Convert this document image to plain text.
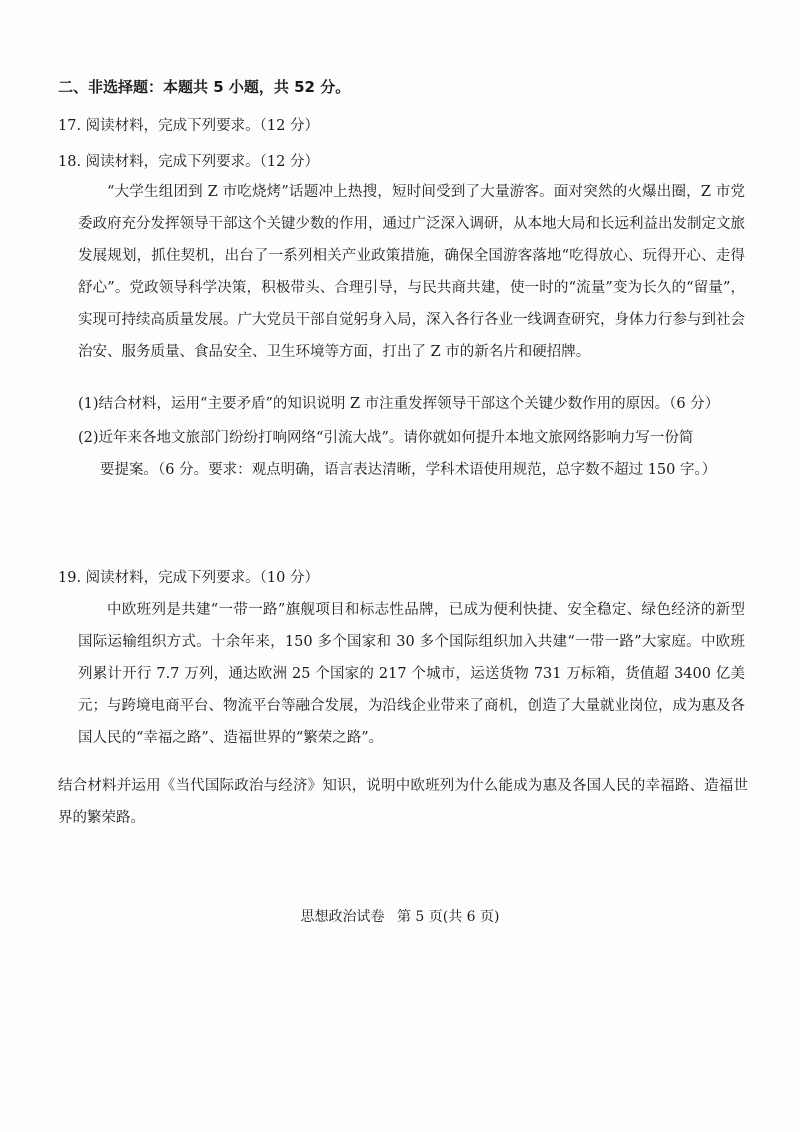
二、非选择题：本题共 5 小题，共 52 分。
17. 阅读材料，完成下列要求。（12 分）
18. 阅读材料，完成下列要求。（12 分）

“大学生组团到 Z 市吃烧烤”话题冲上热搜，短时间受到了大量游客。面对突然的火爆出圈，Z 市党委政府充分发挥领导干部这个关键少数的作用，通过广泛深入调研，从本地大局和长远利益出发制定文旅发展规划，抓住契机，出台了一系列相关产业政策措施，确保全国游客落地“吃得放心、玩得开心、走得舒心”。党政领导科学决策，积极带头、合理引导，与民共商共建，使一时的“流量”变为长久的“留量”，实现可持续高质量发展。广大党员干部自觉躬身入局，深入各行各业一线调查研究，身体力行参与到社会治安、服务质量、食品安全、卫生环境等方面，打出了 Z 市的新名片和硬招牌。

(1)结合材料，运用“主要矛盾”的知识说明 Z 市注重发挥领导干部这个关键少数作用的原因。（6 分）
(2)近年来各地文旅部门纷纷打响网络“引流大战”。请你就如何提升本地文旅网络影响力写一份简
要提案。（6 分。要求：观点明确，语言表达清晰，学科术语使用规范，总字数不超过 150 字。）
19. 阅读材料，完成下列要求。（10 分）

中欧班列是共建“一带一路”旗舰项目和标志性品牌，已成为便利快捷、安全稳定、绿色经济的新型国际运输组织方式。十余年来，150 多个国家和 30 多个国际组织加入共建“一带一路”大家庭。中欧班列累计开行 7.7 万列，通达欧洲 25 个国家的 217 个城市，运送货物 731 万标箱，货值超 3400 亿美元；与跨境电商平台、物流平台等融合发展，为沿线企业带来了商机，创造了大量就业岗位，成为惠及各国人民的“幸福之路”、造福世界的“繁荣之路”。

结合材料并运用《当代国际政治与经济》知识，说明中欧班列为什么能成为惠及各国人民的幸福路、造福世界的繁荣路。

思想政治试卷 第 5 页(共 6 页)
